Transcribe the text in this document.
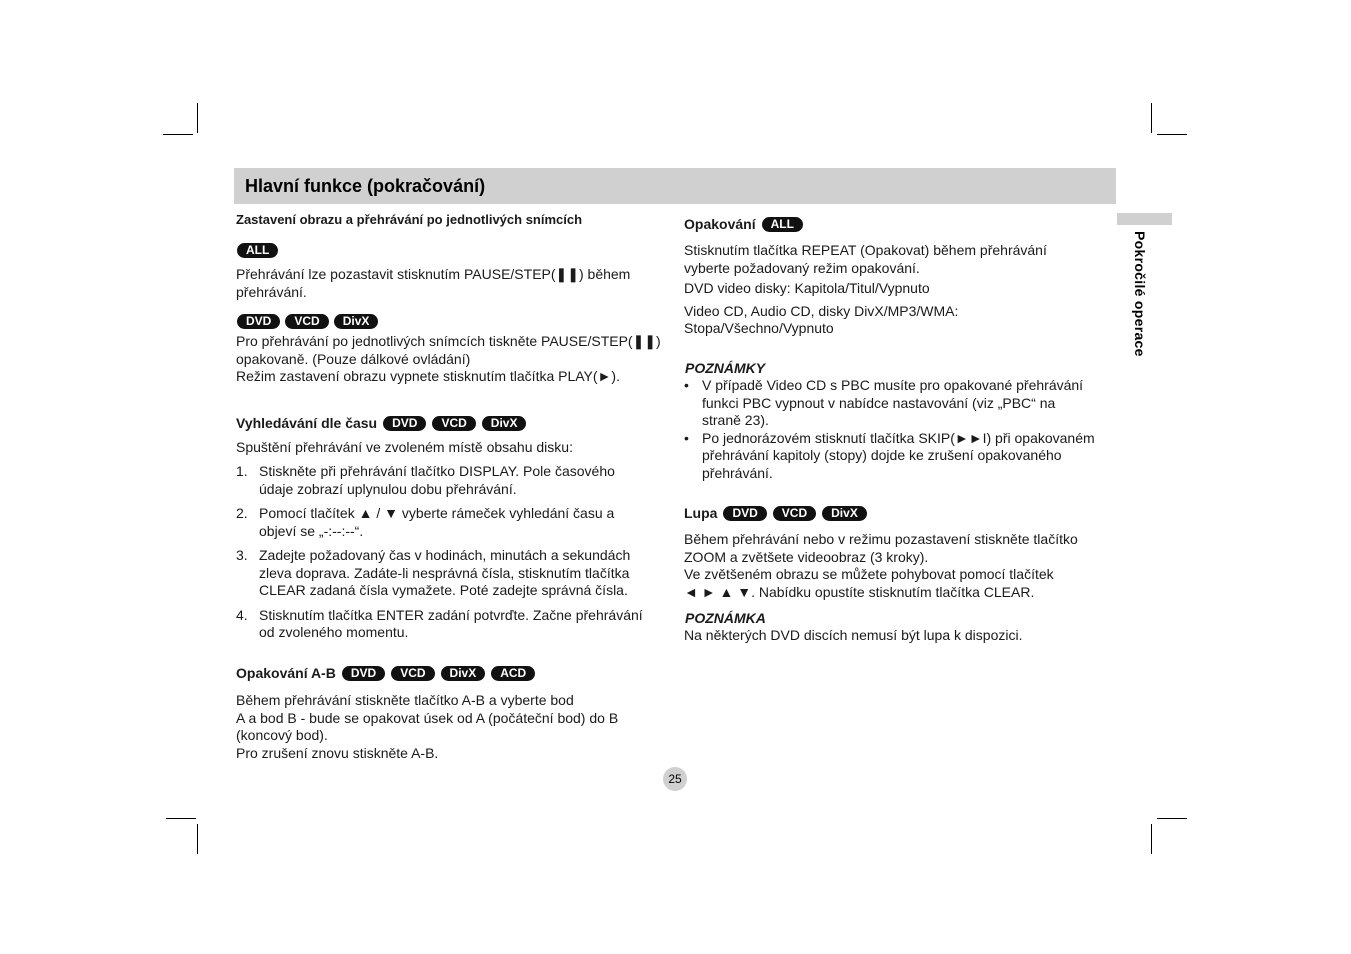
Hlavní funkce (pokračování)
Pokročilé operace
Zastavení obrazu a přehrávání po jednotlivých snímcích
ALL
Přehrávání lze pozastavit stisknutím PAUSE/STEP(❚❚) během
přehrávání.
DVD	VCD	DivX
Pro přehrávání po jednotlivých snímcích tiskněte PAUSE/STEP(❚❚)
opakovaně. (Pouze dálkové ovládání)
Režim zastavení obrazu vypnete stisknutím tlačítka PLAY(►).
Vyhledávání dle času	DVD	VCD	DivX
Spuštění přehrávání ve zvoleném místě obsahu disku:
1. Stiskněte při přehrávání tlačítko DISPLAY. Pole časového
údaje zobrazí uplynulou dobu přehrávání.
2. Pomocí tlačítek ▲ / ▼ vyberte rámeček vyhledání času a
objeví se „-:--:--“.
3. Zadejte požadovaný čas v hodinách, minutách a sekundách
zleva doprava. Zadáte-li nesprávná čísla, stisknutím tlačítka
CLEAR zadaná čísla vymažete. Poté zadejte správná čísla.
4. Stisknutím tlačítka ENTER zadání potvrďte. Začne přehrávání
od zvoleného momentu.
Opakování A-B	DVD	VCD	DivX	ACD
Během přehrávání stiskněte tlačítko A-B a vyberte bod
A a bod B - bude se opakovat úsek od A (počáteční bod) do B
(koncový bod).
Pro zrušení znovu stiskněte A-B.
Opakování	ALL
Stisknutím tlačítka REPEAT (Opakovat) během přehrávání
vyberte požadovaný režim opakování.
DVD video disky: Kapitola/Titul/Vypnuto
Video CD, Audio CD, disky DivX/MP3/WMA:
Stopa/Všechno/Vypnuto
POZNÁMKY
• V případě Video CD s PBC musíte pro opakované přehrávání
funkci PBC vypnout v nabídce nastavování (viz „PBC“ na
straně 23).
• Po jednorázovém stisknutí tlačítka SKIP(►►I) při opakovaném
přehrávání kapitoly (stopy) dojde ke zrušení opakovaného
přehrávání.
Lupa	DVD	VCD	DivX
Během přehrávání nebo v režimu pozastavení stiskněte tlačítko
ZOOM a zvětšete videoobraz (3 kroky).
Ve zvětšeném obrazu se můžete pohybovat pomocí tlačítek
◄ ► ▲ ▼. Nabídku opustíte stisknutím tlačítka CLEAR.
POZNÁMKA
Na některých DVD discích nemusí být lupa k dispozici.
25
